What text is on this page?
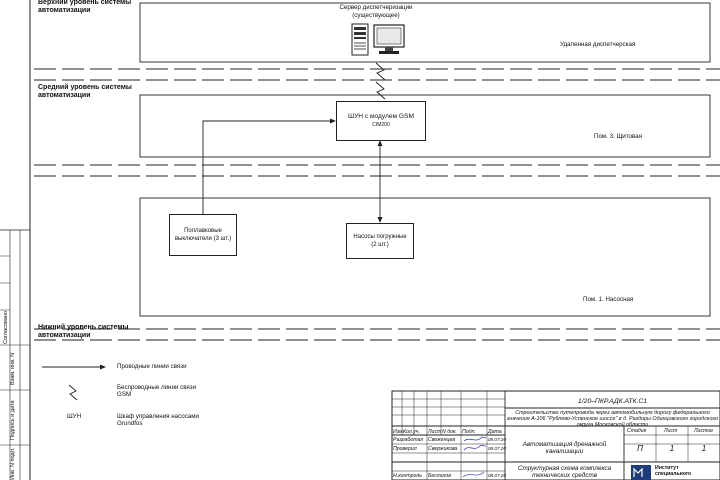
Верхний уровень системы автоматизации
Средний уровень системы автоматизации
Нижний уровень системы автоматизации
Удаленная диспетчерская
Пом. 3. Щитовая
Пом. 1. Насосная
Сервер диспетчеризации (существующее)
ШУН с модулем GSM
CIM200
Поплавковые выключатели (3 шт.)	Насосы погружные (2 шт.)
Проводные линии связи
Беспроводные линии связи GSM
ШУН	Шкаф управления насосами Grundfos
Согласовано
Взам. инв. N
Подпись и дата
Инв. N подл.
1/20–ПКР.АДК.АТК.С1
Строительство путепровода через автомобильную дорогу федерального значения А-106 "Рублево-Успенское шоссе" в д. Раздоры Одинцовского городского округа Московской области
Изм.
Кол.уч. Лист N док. Подп. Дата
Разработал Свеженцев	08.07.20
Проверил Свержикова	08.07.20
Н.контроль Беспалов	08.07.20
Автоматизация дренажной канализации
Структурная схема комплекса технических средств
Стадия	Лист	Листов
П	1	1
Институт специального
